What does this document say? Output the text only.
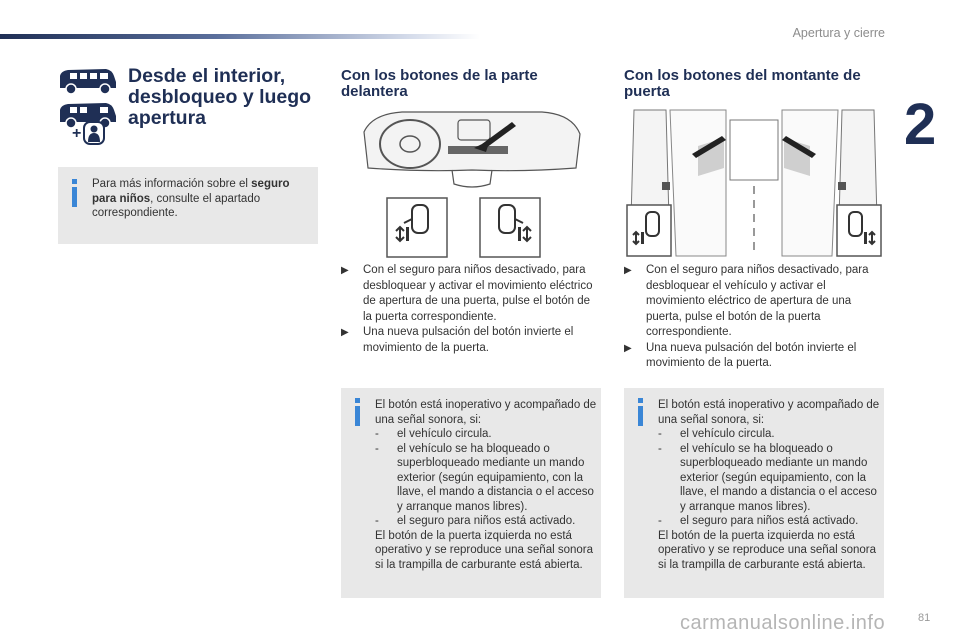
Apertura y cierre
2
+
Desde el interior, desbloqueo y luego apertura
Para más información sobre el seguro para niños, consulte el apartado correspondiente.
Con los botones de la parte delantera
▶ Con el seguro para niños desactivado, para desbloquear y activar el movimiento eléctrico de apertura de una puerta, pulse el botón de la puerta correspondiente.
▶ Una nueva pulsación del botón invierte el movimiento de la puerta.
El botón está inoperativo y acompañado de una señal sonora, si:
- el vehículo circula.
- el vehículo se ha bloqueado o superbloqueado mediante un mando exterior (según equipamiento, con la llave, el mando a distancia o el acceso y arranque manos libres).
- el seguro para niños está activado.
El botón de la puerta izquierda no está operativo y se reproduce una señal sonora si la trampilla de carburante está abierta.
Con los botones del montante de puerta
▶ Con el seguro para niños desactivado, para desbloquear el vehículo y activar el movimiento eléctrico de apertura de una puerta, pulse el botón de la puerta correspondiente.
▶ Una nueva pulsación del botón invierte el movimiento de la puerta.
El botón está inoperativo y acompañado de una señal sonora, si:
- el vehículo circula.
- el vehículo se ha bloqueado o superbloqueado mediante un mando exterior (según equipamiento, con la llave, el mando a distancia o el acceso y arranque manos libres).
- el seguro para niños está activado.
El botón de la puerta izquierda no está operativo y se reproduce una señal sonora si la trampilla de carburante está abierta.
carmanualsonline.info	81
